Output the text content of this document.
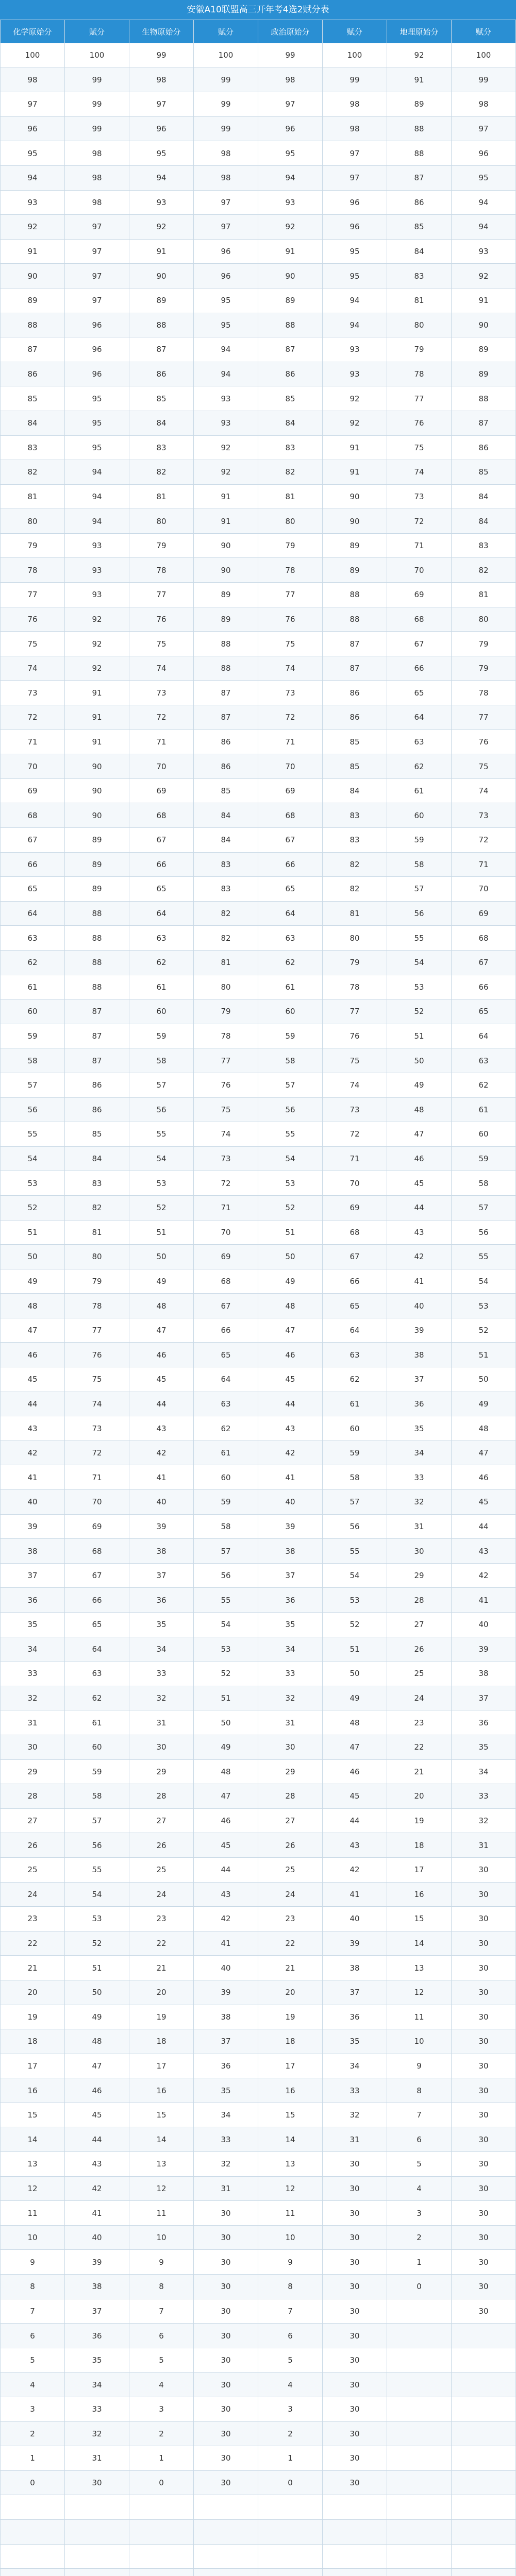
安徽A10联盟高三开年考4选2赋分表
化学原始分	赋分	生物原始分	赋分	政治原始分	赋分	地理原始分	赋分
100	100	99	100	99	100	92	100
98	99	98	99	98	99	91	99
97	99	97	99	97	98	89	98
96	99	96	99	96	98	88	97
95	98	95	98	95	97	88	96
94	98	94	98	94	97	87	95
93	98	93	97	93	96	86	94
92	97	92	97	92	96	85	94
91	97	91	96	91	95	84	93
90	97	90	96	90	95	83	92
89	97	89	95	89	94	81	91
88	96	88	95	88	94	80	90
87	96	87	94	87	93	79	89
86	96	86	94	86	93	78	89
85	95	85	93	85	92	77	88
84	95	84	93	84	92	76	87
83	95	83	92	83	91	75	86
82	94	82	92	82	91	74	85
81	94	81	91	81	90	73	84
80	94	80	91	80	90	72	84
79	93	79	90	79	89	71	83
78	93	78	90	78	89	70	82
77	93	77	89	77	88	69	81
76	92	76	89	76	88	68	80
75	92	75	88	75	87	67	79
74	92	74	88	74	87	66	79
73	91	73	87	73	86	65	78
72	91	72	87	72	86	64	77
71	91	71	86	71	85	63	76
70	90	70	86	70	85	62	75
69	90	69	85	69	84	61	74
68	90	68	84	68	83	60	73
67	89	67	84	67	83	59	72
66	89	66	83	66	82	58	71
65	89	65	83	65	82	57	70
64	88	64	82	64	81	56	69
63	88	63	82	63	80	55	68
62	88	62	81	62	79	54	67
61	88	61	80	61	78	53	66
60	87	60	79	60	77	52	65
59	87	59	78	59	76	51	64
58	87	58	77	58	75	50	63
57	86	57	76	57	74	49	62
56	86	56	75	56	73	48	61
55	85	55	74	55	72	47	60
54	84	54	73	54	71	46	59
53	83	53	72	53	70	45	58
52	82	52	71	52	69	44	57
51	81	51	70	51	68	43	56
50	80	50	69	50	67	42	55
49	79	49	68	49	66	41	54
48	78	48	67	48	65	40	53
47	77	47	66	47	64	39	52
46	76	46	65	46	63	38	51
45	75	45	64	45	62	37	50
44	74	44	63	44	61	36	49
43	73	43	62	43	60	35	48
42	72	42	61	42	59	34	47
41	71	41	60	41	58	33	46
40	70	40	59	40	57	32	45
39	69	39	58	39	56	31	44
38	68	38	57	38	55	30	43
37	67	37	56	37	54	29	42
36	66	36	55	36	53	28	41
35	65	35	54	35	52	27	40
34	64	34	53	34	51	26	39
33	63	33	52	33	50	25	38
32	62	32	51	32	49	24	37
31	61	31	50	31	48	23	36
30	60	30	49	30	47	22	35
29	59	29	48	29	46	21	34
28	58	28	47	28	45	20	33
27	57	27	46	27	44	19	32
26	56	26	45	26	43	18	31
25	55	25	44	25	42	17	30
24	54	24	43	24	41	16	30
23	53	23	42	23	40	15	30
22	52	22	41	22	39	14	30
21	51	21	40	21	38	13	30
20	50	20	39	20	37	12	30
19	49	19	38	19	36	11	30
18	48	18	37	18	35	10	30
17	47	17	36	17	34	9	30
16	46	16	35	16	33	8	30
15	45	15	34	15	32	7	30
14	44	14	33	14	31	6	30
13	43	13	32	13	30	5	30
12	42	12	31	12	30	4	30
11	41	11	30	11	30	3	30
10	40	10	30	10	30	2	30
9	39	9	30	9	30	1	30
8	38	8	30	8	30	0	30
7	37	7	30	7	30		30
6	36	6	30	6	30		
5	35	5	30	5	30		
4	34	4	30	4	30		
3	33	3	30	3	30		
2	32	2	30	2	30		
1	31	1	30	1	30		
0	30	0	30	0	30		
